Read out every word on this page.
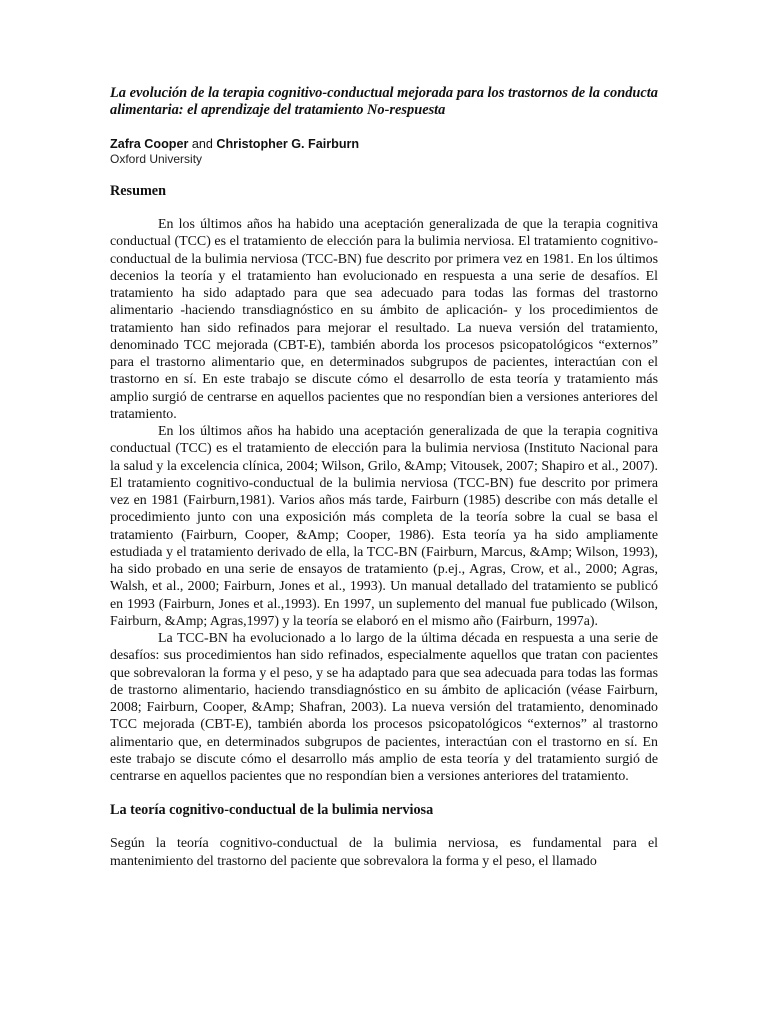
La evolución de la terapia cognitivo-conductual mejorada para los trastornos de la conducta alimentaria: el aprendizaje del tratamiento No-respuesta

Zafra Cooper and Christopher G. Fairburn

Oxford University

Resumen

En los últimos años ha habido una aceptación generalizada de que la terapia cognitiva conductual (TCC) es el tratamiento de elección para la bulimia nerviosa. El tratamiento cognitivo-conductual de la bulimia nerviosa (TCC-BN) fue descrito por primera vez en 1981. En los últimos decenios la teoría y el tratamiento han evolucionado en respuesta a una serie de desafíos. El tratamiento ha sido adaptado para que sea adecuado para todas las formas del trastorno alimentario -haciendo transdiagnóstico en su ámbito de aplicación- y los procedimientos de tratamiento han sido refinados para mejorar el resultado. La nueva versión del tratamiento, denominado TCC mejorada (CBT-E), también aborda los procesos psicopatológicos “externos” para el trastorno alimentario que, en determinados subgrupos de pacientes, interactúan con el trastorno en sí. En este trabajo se discute cómo el desarrollo de esta teoría y tratamiento más amplio surgió de centrarse en aquellos pacientes que no respondían bien a versiones anteriores del tratamiento.

En los últimos años ha habido una aceptación generalizada de que la terapia cognitiva conductual (TCC) es el tratamiento de elección para la bulimia nerviosa (Instituto Nacional para la salud y la excelencia clínica, 2004; Wilson, Grilo, &Amp; Vitousek, 2007; Shapiro et al., 2007). El tratamiento cognitivo-conductual de la bulimia nerviosa (TCC-BN) fue descrito por primera vez en 1981 (Fairburn,1981). Varios años más tarde, Fairburn (1985) describe con más detalle el procedimiento junto con una exposición más completa de la teoría sobre la cual se basa el tratamiento (Fairburn, Cooper, &Amp; Cooper, 1986). Esta teoría ya ha sido ampliamente estudiada y el tratamiento derivado de ella, la TCC-BN (Fairburn, Marcus, &Amp; Wilson, 1993), ha sido probado en una serie de ensayos de tratamiento (p.ej., Agras, Crow, et al., 2000; Agras, Walsh, et al., 2000; Fairburn, Jones et al., 1993). Un manual detallado del tratamiento se publicó en 1993 (Fairburn, Jones et al.,1993). En 1997, un suplemento del manual fue publicado (Wilson, Fairburn, &Amp; Agras,1997) y la teoría se elaboró en el mismo año (Fairburn, 1997a).

La TCC-BN ha evolucionado a lo largo de la última década en respuesta a una serie de desafíos: sus procedimientos han sido refinados, especialmente aquellos que tratan con pacientes que sobrevaloran la forma y el peso, y se ha adaptado para que sea adecuada para todas las formas de trastorno alimentario, haciendo transdiagnóstico en su ámbito de aplicación (véase Fairburn, 2008; Fairburn, Cooper, &Amp; Shafran, 2003). La nueva versión del tratamiento, denominado TCC mejorada (CBT-E), también aborda los procesos psicopatológicos “externos” al trastorno alimentario que, en determinados subgrupos de pacientes, interactúan con el trastorno en sí. En este trabajo se discute cómo el desarrollo más amplio de esta teoría y del tratamiento surgió de centrarse en aquellos pacientes que no respondían bien a versiones anteriores del tratamiento.

La teoría cognitivo-conductual de la bulimia nerviosa

Según la teoría cognitivo-conductual de la bulimia nerviosa, es fundamental para el mantenimiento del trastorno del paciente que sobrevalora la forma y el peso, el llamado
